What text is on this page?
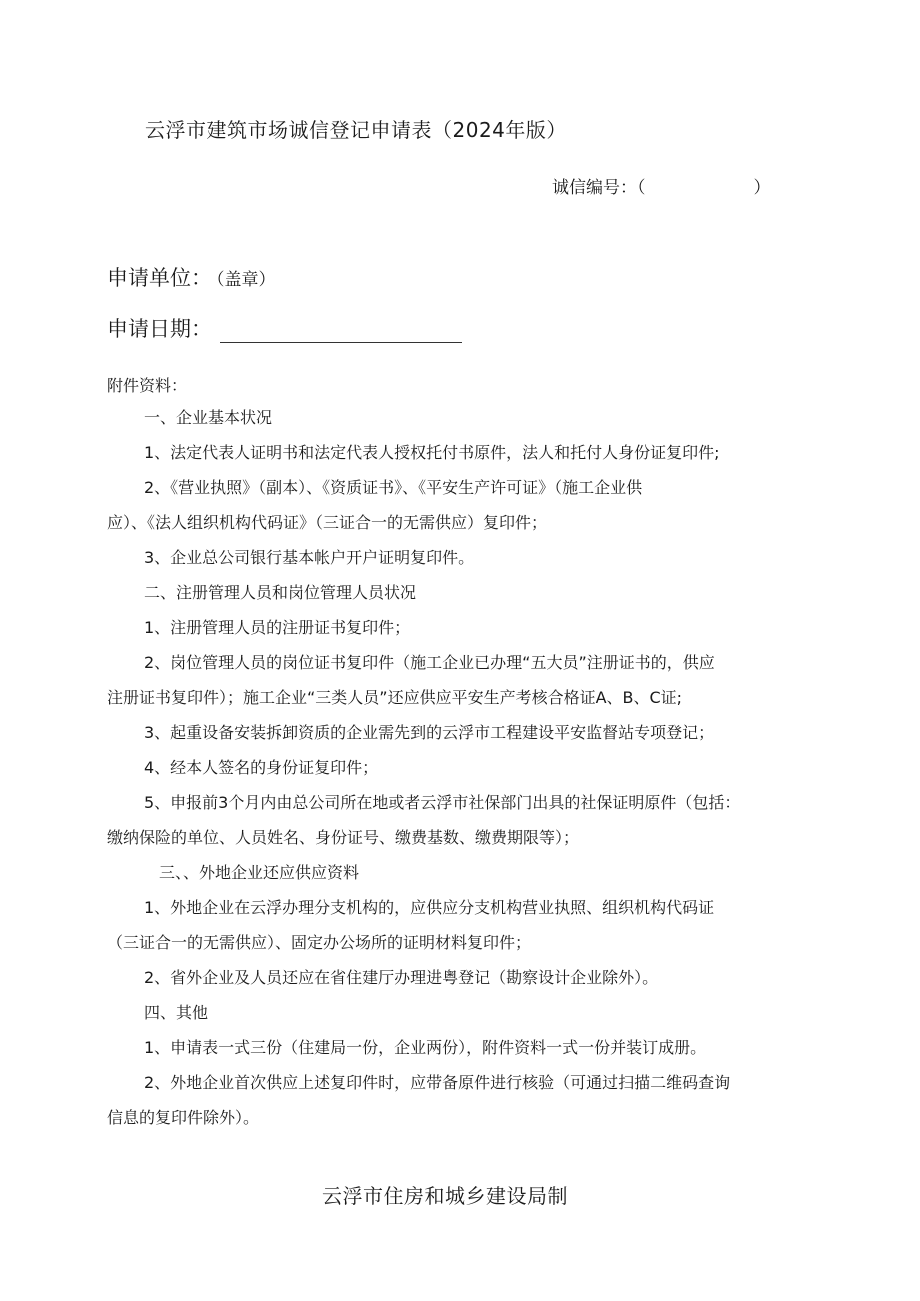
云浮市建筑市场诚信登记申请表（2024年版）
诚信编号：（	）
申请单位： （盖章）
申请日期：
附件资料：

一、企业基本状况

1、法定代表人证明书和法定代表人授权托付书原件，法人和托付人身份证复印件;

2、《营业执照》（副本）、《资质证书》、《平安生产许可证》（施工企业供

应）、《法人组织机构代码证》（三证合一的无需供应）复印件；

3、企业总公司银行基本帐户开户证明复印件。

二、注册管理人员和岗位管理人员状况

1、注册管理人员的注册证书复印件；

2、岗位管理人员的岗位证书复印件（施工企业已办理“五大员”注册证书的，供应

注册证书复印件）；施工企业“三类人员”还应供应平安生产考核合格证A、B、C证;

3、起重设备安装拆卸资质的企业需先到的云浮市工程建设平安监督站专项登记；

4、经本人签名的身份证复印件；

5、申报前3个月内由总公司所在地或者云浮市社保部门出具的社保证明原件（包括：

缴纳保险的单位、人员姓名、身份证号、缴费基数、缴费期限等）；

三、、外地企业还应供应资料

1、外地企业在云浮办理分支机构的，应供应分支机构营业执照、组织机构代码证

（三证合一的无需供应）、固定办公场所的证明材料复印件；

2、省外企业及人员还应在省住建厅办理进粤登记（勘察设计企业除外）。

四、其他

1、申请表一式三份（住建局一份，企业两份），附件资料一式一份并装订成册。

2、外地企业首次供应上述复印件时，应带备原件进行核验（可通过扫描二维码查询

信息的复印件除外）。

云浮市住房和城乡建设局制
